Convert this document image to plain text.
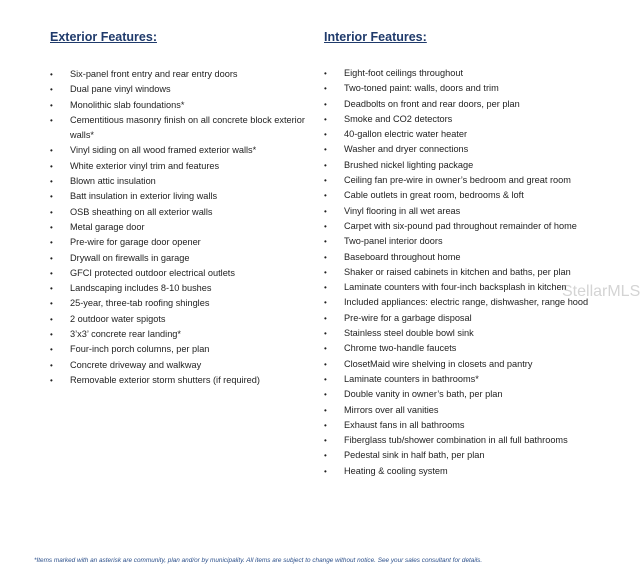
Exterior Features:
• Six-panel front entry and rear entry doors
• Dual pane vinyl windows
• Monolithic slab foundations*
• Cementitious masonry finish on all concrete block exterior walls*
• Vinyl siding on all wood framed exterior walls*
• White exterior vinyl trim and features
• Blown attic insulation
• Batt insulation in exterior living walls
• OSB sheathing on all exterior walls
• Metal garage door
• Pre-wire for garage door opener
• Drywall on firewalls in garage
• GFCI protected outdoor electrical outlets
• Landscaping includes 8-10 bushes
• 25-year, three-tab roofing shingles
• 2 outdoor water spigots
• 3’x3’ concrete rear landing*
• Four-inch porch columns, per plan
• Concrete driveway and walkway
• Removable exterior storm shutters (if required)
Interior Features:
• Eight-foot ceilings throughout
• Two-toned paint: walls, doors and trim
• Deadbolts on front and rear doors, per plan
• Smoke and CO2 detectors
• 40-gallon electric water heater
• Washer and dryer connections
• Brushed nickel lighting package
• Ceiling fan pre-wire in owner’s bedroom and great room
• Cable outlets in great room, bedrooms & loft
• Vinyl flooring in all wet areas
• Carpet with six-pound pad throughout remainder of home
• Two-panel interior doors
• Baseboard throughout home
• Shaker or raised cabinets in kitchen and baths, per plan
• Laminate counters with four-inch backsplash in kitchen
• Included appliances: electric range, dishwasher, range hood
• Pre-wire for a garbage disposal
• Stainless steel double bowl sink
• Chrome two-handle faucets
• ClosetMaid wire shelving in closets and pantry
• Laminate counters in bathrooms*
• Double vanity in owner’s bath, per plan
• Mirrors over all vanities
• Exhaust fans in all bathrooms
• Fiberglass tub/shower combination in all full bathrooms
• Pedestal sink in half bath, per plan
• Heating & cooling system
StellarMLS
*Items marked with an asterisk are community, plan and/or by municipality. All items are subject to change without notice. See your sales consultant for details.
